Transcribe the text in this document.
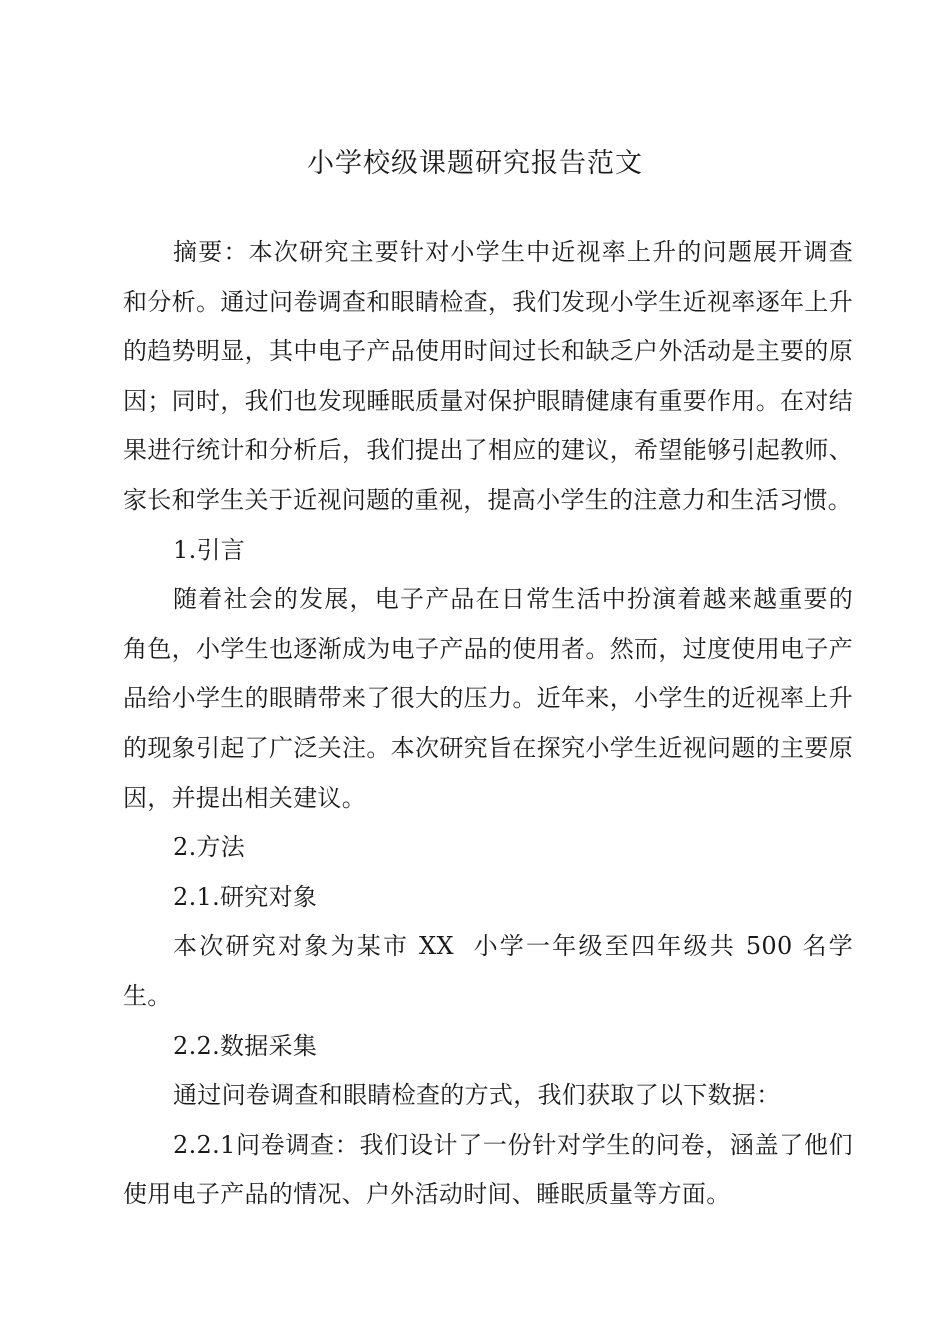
小学校级课题研究报告范文

摘要：本次研究主要针对小学生中近视率上升的问题展开调查和分析。通过问卷调查和眼睛检查，我们发现小学生近视率逐年上升的趋势明显，其中电子产品使用时间过长和缺乏户外活动是主要的原因；同时，我们也发现睡眠质量对保护眼睛健康有重要作用。在对结果进行统计和分析后，我们提出了相应的建议，希望能够引起教师、家长和学生关于近视问题的重视，提高小学生的注意力和生活习惯。

1.引言

随着社会的发展，电子产品在日常生活中扮演着越来越重要的角色，小学生也逐渐成为电子产品的使用者。然而，过度使用电子产品给小学生的眼睛带来了很大的压力。近年来，小学生的近视率上升的现象引起了广泛关注。本次研究旨在探究小学生近视问题的主要原因，并提出相关建议。

2.方法

2.1.研究对象

本次研究对象为某市 XX  小学一年级至四年级共 500 名学生。

2.2.数据采集

通过问卷调查和眼睛检查的方式，我们获取了以下数据：

2.2.1问卷调查：我们设计了一份针对学生的问卷，涵盖了他们使用电子产品的情况、户外活动时间、睡眠质量等方面。
